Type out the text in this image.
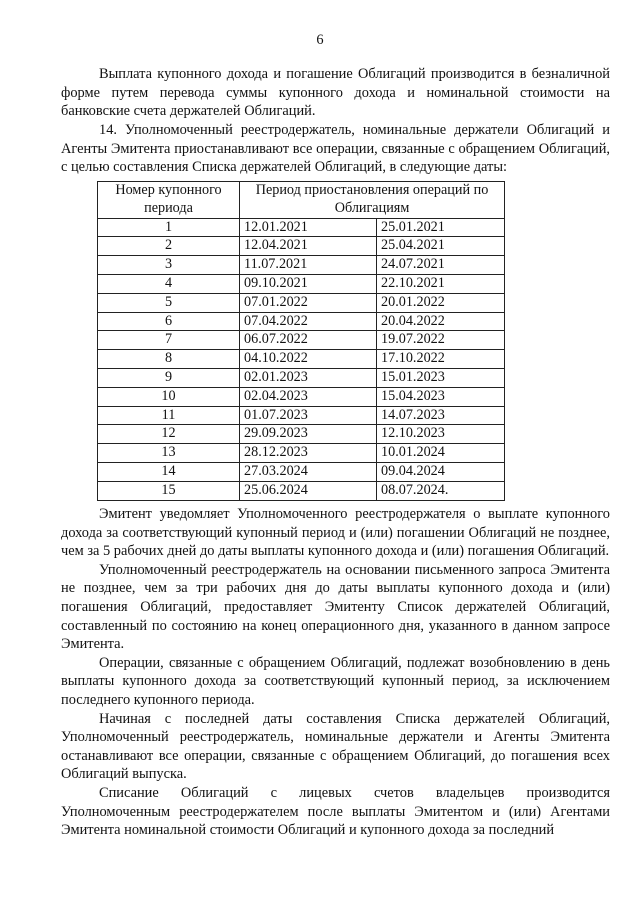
6

Выплата купонного дохода и погашение Облигаций производится в безналичной форме путем перевода суммы купонного дохода и номинальной стоимости на банковские счета держателей Облигаций.

14. Уполномоченный реестродержатель, номинальные держатели Облигаций и Агенты Эмитента приостанавливают все операции, связанные с обращением Облигаций, с целью составления Списка держателей Облигаций, в следующие даты:

Номер купонного периода	Период приостановления операций по Облигациям	
1	12.01.2021	25.01.2021
2	12.04.2021	25.04.2021
3	11.07.2021	24.07.2021
4	09.10.2021	22.10.2021
5	07.01.2022	20.01.2022
6	07.04.2022	20.04.2022
7	06.07.2022	19.07.2022
8	04.10.2022	17.10.2022
9	02.01.2023	15.01.2023
10	02.04.2023	15.04.2023
11	01.07.2023	14.07.2023
12	29.09.2023	12.10.2023
13	28.12.2023	10.01.2024
14	27.03.2024	09.04.2024
15	25.06.2024	08.07.2024.

Эмитент уведомляет Уполномоченного реестродержателя о выплате купонного дохода за соответствующий купонный период и (или) погашении Облигаций не позднее, чем за 5 рабочих дней до даты выплаты купонного дохода и (или) погашения Облигаций.

Уполномоченный реестродержатель на основании письменного запроса Эмитента не позднее, чем за три рабочих дня до даты выплаты купонного дохода и (или) погашения Облигаций, предоставляет Эмитенту Список держателей Облигаций, составленный по состоянию на конец операционного дня, указанного в данном запросе Эмитента.

Операции, связанные с обращением Облигаций, подлежат возобновлению в день выплаты купонного дохода за соответствующий купонный период, за исключением последнего купонного периода.

Начиная с последней даты составления Списка держателей Облигаций, Уполномоченный реестродержатель, номинальные держатели и Агенты Эмитента останавливают все операции, связанные с обращением Облигаций, до погашения всех Облигаций выпуска.

Списание Облигаций с лицевых счетов владельцев производится Уполномоченным реестродержателем после выплаты Эмитентом и (или) Агентами Эмитента номинальной стоимости Облигаций и купонного дохода за последний
